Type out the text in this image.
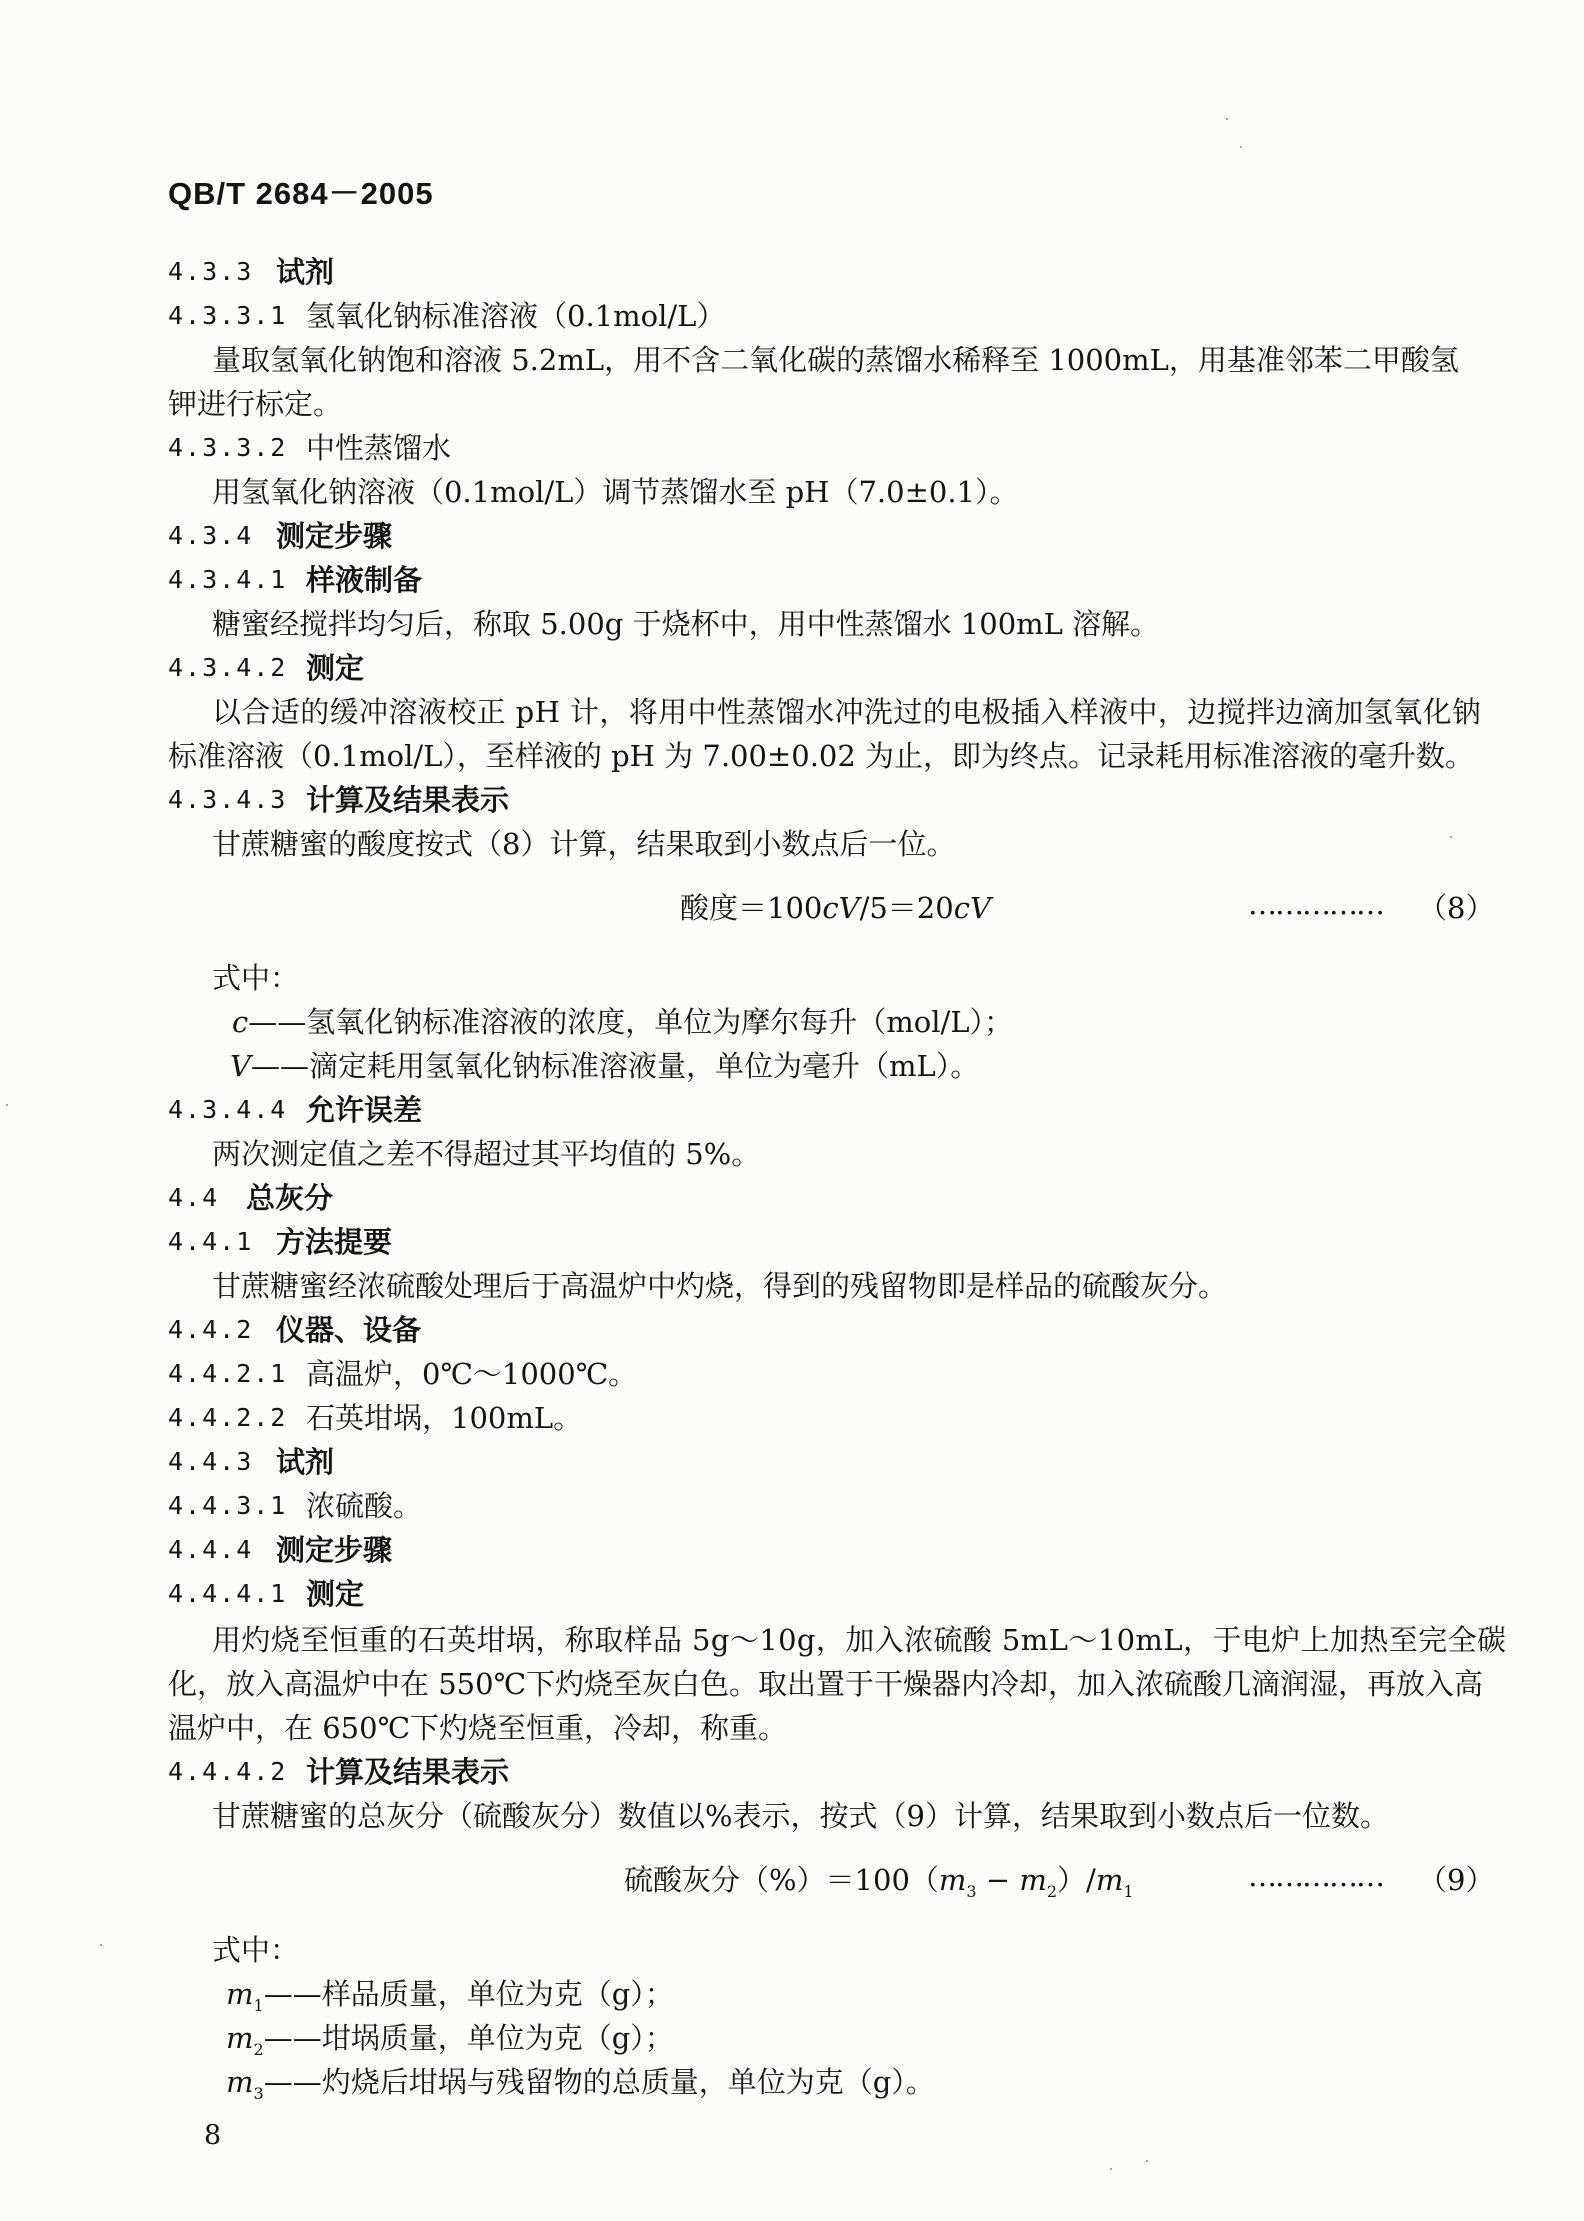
QB/T 2684－2005
4.3.3 试剂
4.3.3.1 氢氧化钠标准溶液（0.1mol/L）
量取氢氧化钠饱和溶液 5.2mL，用不含二氧化碳的蒸馏水稀释至 1000mL，用基准邻苯二甲酸氢
钾进行标定。
4.3.3.2 中性蒸馏水
用氢氧化钠溶液（0.1mol/L）调节蒸馏水至 pH（7.0±0.1）。
4.3.4 测定步骤
4.3.4.1 样液制备
糖蜜经搅拌均匀后，称取 5.00g 于烧杯中，用中性蒸馏水 100mL 溶解。
4.3.4.2 测定
以合适的缓冲溶液校正 pH 计，将用中性蒸馏水冲洗过的电极插入样液中，边搅拌边滴加氢氧化钠
标准溶液（0.1mol/L），至样液的 pH 为 7.00±0.02 为止，即为终点。记录耗用标准溶液的毫升数。
4.3.4.3 计算及结果表示
甘蔗糖蜜的酸度按式（8）计算，结果取到小数点后一位。
酸度＝100cV/5＝20cV	…………… （8）
式中：
c——氢氧化钠标准溶液的浓度，单位为摩尔每升（mol/L）；
V——滴定耗用氢氧化钠标准溶液量，单位为毫升（mL）。
4.3.4.4 允许误差
两次测定值之差不得超过其平均值的 5%。
4.4 总灰分
4.4.1 方法提要
甘蔗糖蜜经浓硫酸处理后于高温炉中灼烧，得到的残留物即是样品的硫酸灰分。
4.4.2 仪器、设备
4.4.2.1 高温炉，0℃～1000℃。
4.4.2.2 石英坩埚，100mL。
4.4.3 试剂
4.4.3.1 浓硫酸。
4.4.4 测定步骤
4.4.4.1 测定
用灼烧至恒重的石英坩埚，称取样品 5g～10g，加入浓硫酸 5mL～10mL，于电炉上加热至完全碳
化，放入高温炉中在 550℃下灼烧至灰白色。取出置于干燥器内冷却，加入浓硫酸几滴润湿，再放入高
温炉中，在 650℃下灼烧至恒重，冷却，称重。
4.4.4.2 计算及结果表示
甘蔗糖蜜的总灰分（硫酸灰分）数值以%表示，按式（9）计算，结果取到小数点后一位数。
硫酸灰分$(\%)=100(m_3 - m_2)/m_1$	…………… （9）
式中：
$m_1——$样品质量，单位为克（g）；
$m_2——$坩埚质量，单位为克（g）；
$m_3——$灼烧后坩埚与残留物的总质量，单位为克（g）。
8
